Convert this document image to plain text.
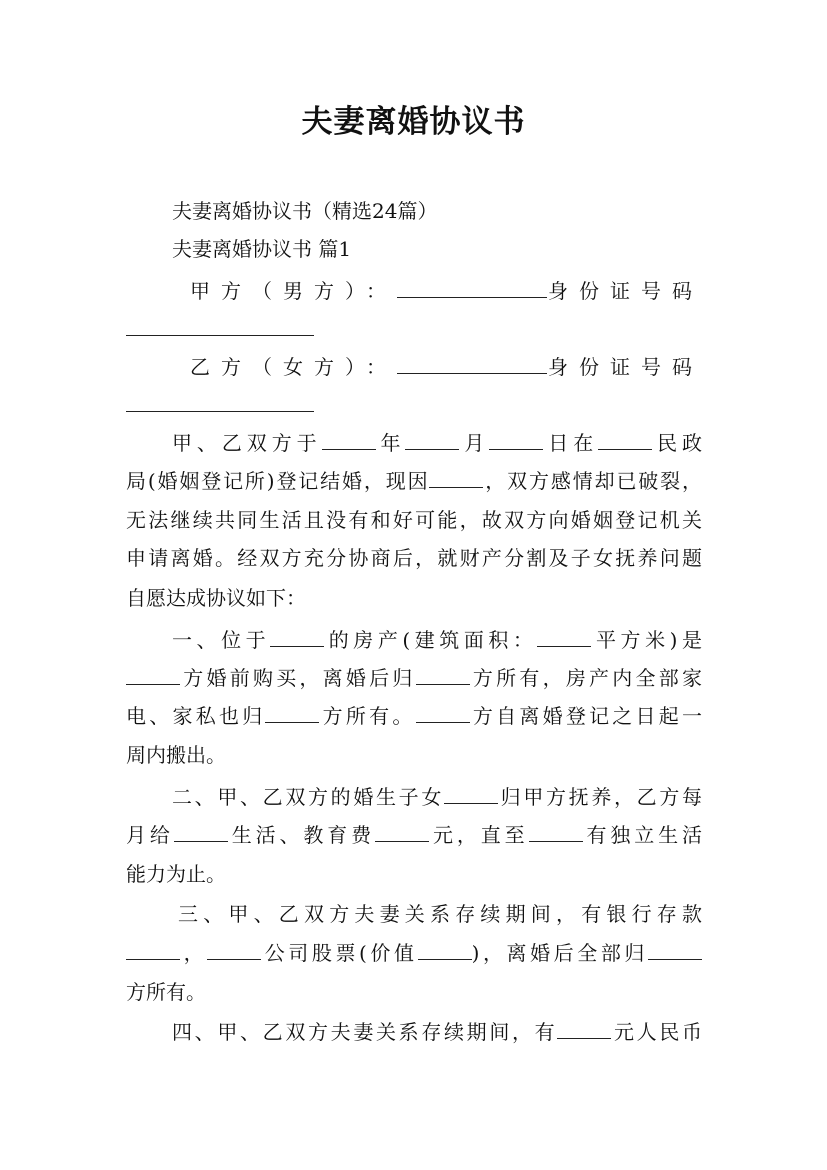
夫妻离婚协议书

夫妻离婚协议书（精选24篇）

夫妻离婚协议书 篇1

甲方（男方）：	身份证号码
乙方（女方）：	身份证号码
甲、乙双方于	年	月	日在	民政
局(婚姻登记所)登记结婚，现因	，双方感情却已破裂，

无法继续共同生活且没有和好可能，故双方向婚姻登记机关

申请离婚。经双方充分协商后，就财产分割及子女抚养问题

自愿达成协议如下：

一、位于	的房产(建筑面积：	平方米)是
方婚前购买，离婚后归	方所有，房产内全部家
电、家私也归	方所有。	方自离婚登记之日起一

周内搬出。

二、甲、乙双方的婚生子女	归甲方抚养，乙方每
月给	生活、教育费	元，直至	有独立生活

能力为止。

三、甲、乙双方夫妻关系存续期间，有银行存款

，	公司股票(价值	)，离婚后全部归

方所有。

四、甲、乙双方夫妻关系存续期间，有	元人民币
